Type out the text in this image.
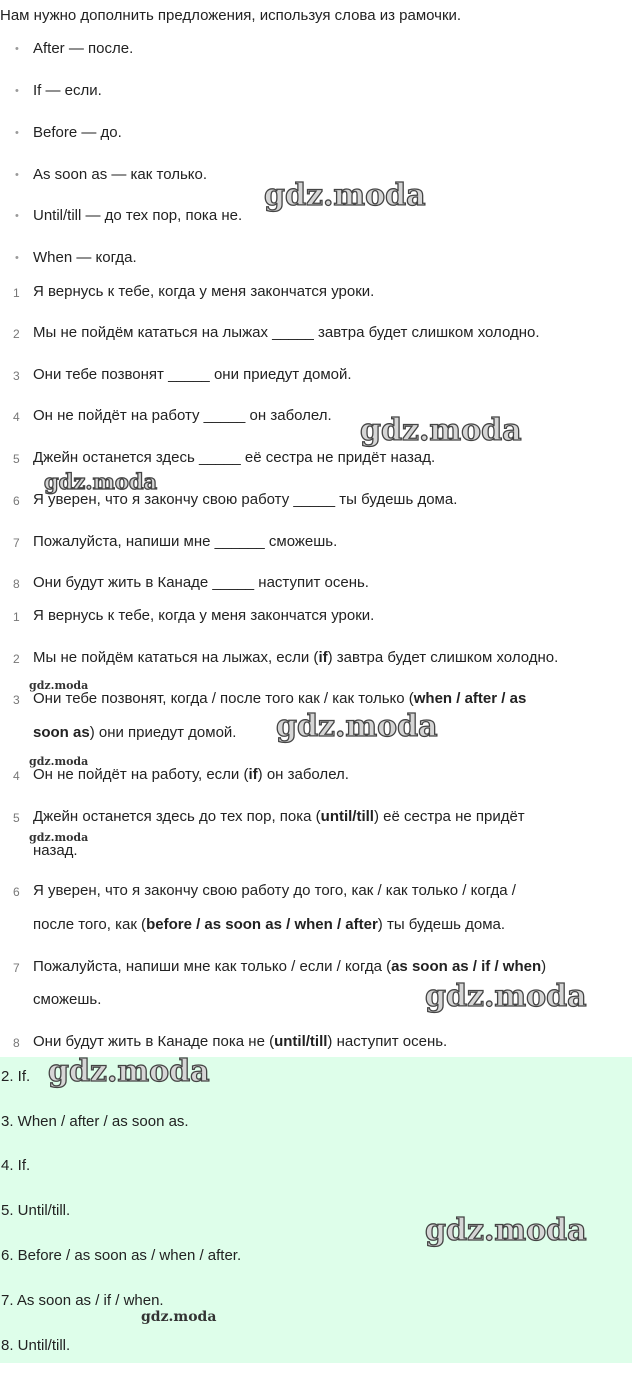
Нам нужно дополнить предложения, используя слова из рамочки.
• After — после.
• If — если.
• Before — до.
• As soon as — как только.
• Until/till — до тех пор, пока не.
• When — когда.
1 Я вернусь к тебе, когда у меня закончатся уроки.
2 Мы не пойдём кататься на лыжах _____ завтра будет слишком холодно.
3 Они тебе позвонят _____ они приедут домой.
4 Он не пойдёт на работу _____ он заболел.
5 Джейн останется здесь _____ её сестра не придёт назад.
6 Я уверен, что я закончу свою работу _____ ты будешь дома.
7 Пожалуйста, напиши мне ______ сможешь.
8 Они будут жить в Канаде _____ наступит осень.
1 Я вернусь к тебе, когда у меня закончатся уроки.
2 Мы не пойдём кататься на лыжах, если (if) завтра будет слишком холодно.
3 Они тебе позвонят, когда / после того как / как только (when / after / as
soon as) они приедут домой.
4 Он не пойдёт на работу, если (if) он заболел.
5 Джейн останется здесь до тех пор, пока (until/till) её сестра не придёт
назад.
6 Я уверен, что я закончу свою работу до того, как / как только / когда /
после того, как (before / as soon as / when / after) ты будешь дома.
7 Пожалуйста, напиши мне как только / если / когда (as soon as / if / when)
сможешь.
8 Они будут жить в Канаде пока не (until/till) наступит осень.
2. If.
3. When / after / as soon as.
4. If.
5. Until/till.
6. Before / as soon as / when / after.
7. As soon as / if / when.
8. Until/till.
gdz.moda
gdz.moda
gdz.moda
gdz.moda
gdz.moda
gdz.moda
gdz.moda
gdz.moda
gdz.moda
gdz.moda
gdz.moda
